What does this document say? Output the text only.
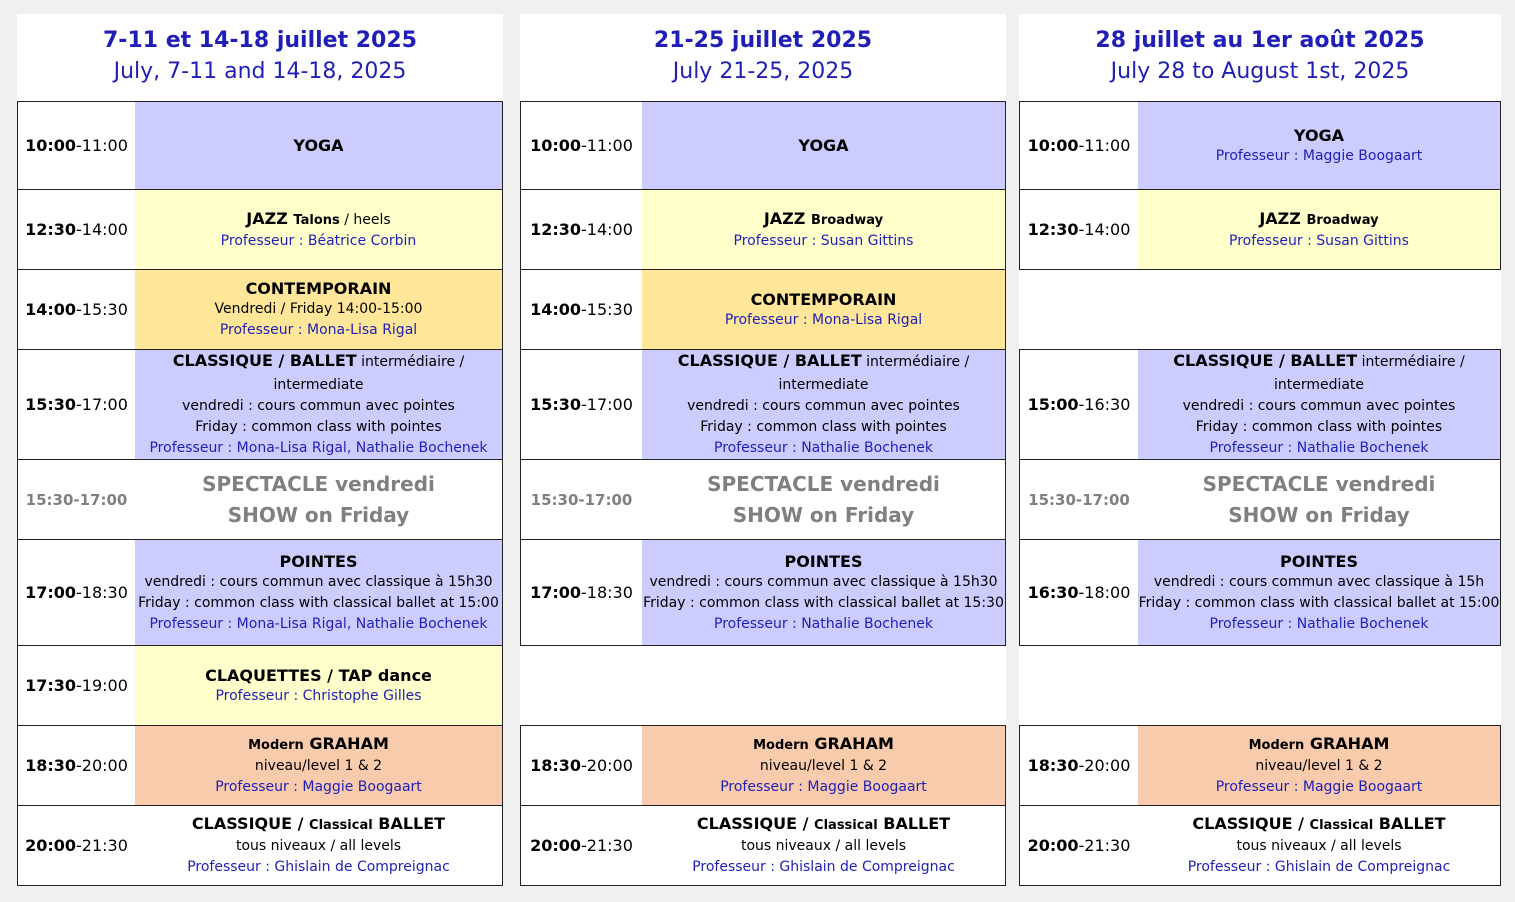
7-11 et 14-18 juillet 2025
July, 7-11 and 14-18, 2025
10:00-11:00	YOGA
12:30-14:00
JAZZ Talons / heels
Professeur : Béatrice Corbin
14:00-15:30
CONTEMPORAIN
Vendredi / Friday 14:00-15:00
Professeur : Mona-Lisa Rigal
15:30-17:00
CLASSIQUE / BALLET intermédiaire / intermediate
vendredi : cours commun avec pointes
Friday : common class with pointes
Professeur : Mona-Lisa Rigal, Nathalie Bochenek
15:30-17:00
SPECTACLE vendredi
SHOW on Friday
17:00-18:30
POINTES
vendredi : cours commun avec classique à 15h30
Friday : common class with classical ballet at 15:00
Professeur : Mona-Lisa Rigal, Nathalie Bochenek
17:30-19:00
CLAQUETTES / TAP dance
Professeur : Christophe Gilles
18:30-20:00
Modern GRAHAM
niveau/level 1 & 2
Professeur : Maggie Boogaart
20:00-21:30
CLASSIQUE / Classical BALLET
tous niveaux / all levels
Professeur : Ghislain de Compreignac
21-25 juillet 2025
July 21-25, 2025
10:00-11:00	YOGA
12:30-14:00
JAZZ Broadway
Professeur : Susan Gittins
14:00-15:30
CONTEMPORAIN
Professeur : Mona-Lisa Rigal
15:30-17:00
CLASSIQUE / BALLET intermédiaire / intermediate
vendredi : cours commun avec pointes
Friday : common class with pointes
Professeur : Nathalie Bochenek
15:30-17:00
SPECTACLE vendredi
SHOW on Friday
17:00-18:30
POINTES
vendredi : cours commun avec classique à 15h30
Friday : common class with classical ballet at 15:30
Professeur : Nathalie Bochenek
18:30-20:00
Modern GRAHAM
niveau/level 1 & 2
Professeur : Maggie Boogaart
20:00-21:30
CLASSIQUE / Classical BALLET
tous niveaux / all levels
Professeur : Ghislain de Compreignac
28 juillet au 1er août 2025
July 28 to August 1st, 2025
10:00-11:00
YOGA
Professeur : Maggie Boogaart
12:30-14:00
JAZZ Broadway
Professeur : Susan Gittins
15:00-16:30
CLASSIQUE / BALLET intermédiaire / intermediate
vendredi : cours commun avec pointes
Friday : common class with pointes
Professeur : Nathalie Bochenek
15:30-17:00
SPECTACLE vendredi
SHOW on Friday
16:30-18:00
POINTES
vendredi : cours commun avec classique à 15h
Friday : common class with classical ballet at 15:00
Professeur : Nathalie Bochenek
18:30-20:00
Modern GRAHAM
niveau/level 1 & 2
Professeur : Maggie Boogaart
20:00-21:30
CLASSIQUE / Classical BALLET
tous niveaux / all levels
Professeur : Ghislain de Compreignac
